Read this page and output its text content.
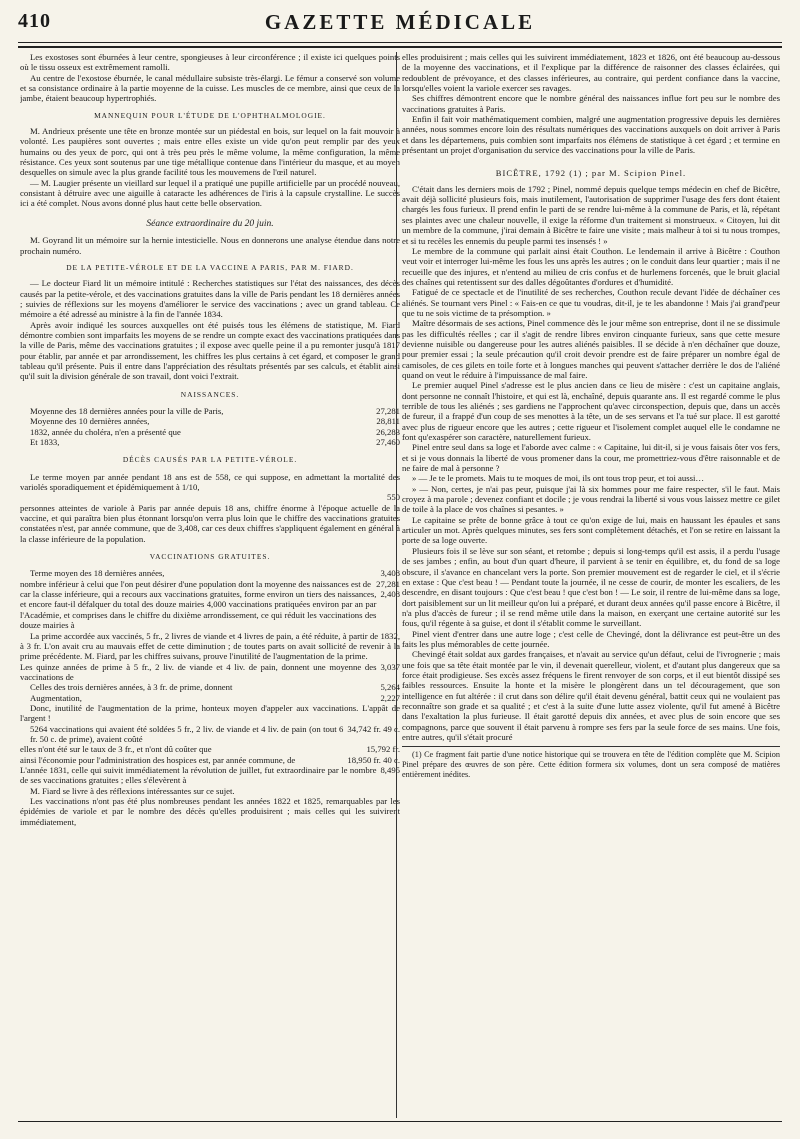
410	GAZETTE MÉDICALE

Les exostoses sont éburnées à leur centre, spongieuses à leur circonférence ; il existe ici quelques points où le tissu osseux est extrêmement ramolli.

Au centre de l'exostose éburnée, le canal médullaire subsiste très-élargi. Le fémur a conservé son volume et sa consistance ordinaire à la partie moyenne de la cuisse. Les muscles de ce membre, ainsi que ceux de la jambe, étaient beaucoup hypertrophiés.

MANNEQUIN POUR L'ÉTUDE DE L'OPHTHALMOLOGIE.

M. Andrieux présente une tête en bronze montée sur un piédestal en bois, sur lequel on la fait mouvoir à volonté. Les paupières sont ouvertes ; mais entre elles existe un vide qu'on peut remplir par des yeux humains ou des yeux de porc, qui ont à très peu près le même volume, la même configuration, la même résistance. Ces yeux sont soutenus par une tige métallique contenue dans l'intérieur du masque, et au moyen desquelles on simule avec la plus grande facilité tous les mouvemens de l'œil naturel.

— M. Laugier présente un vieillard sur lequel il a pratiqué une pupille artificielle par un procédé nouveau, consistant à détruire avec une aiguille à cataracte les adhérences de l'iris à la capsule crystalline. Le succès ici a été complet. Nous avons donné plus haut cette belle observation.

Séance extraordinaire du 20 juin.

M. Goyrand lit un mémoire sur la hernie intesticielle. Nous en donnerons une analyse étendue dans notre prochain numéro.

DE LA PETITE-VÉROLE ET DE LA VACCINE A PARIS, PAR M. FIARD.

— Le docteur Fiard lit un mémoire intitulé : Recherches statistiques sur l'état des naissances, des décès causés par la petite-vérole, et des vaccinations gratuites dans la ville de Paris pendant les 18 dernières années ; suivies de réflexions sur les moyens d'améliorer le service des vaccinations ; avec un grand tableau. Ce mémoire a été adressé au ministre à la fin de l'année 1834.

Après avoir indiqué les sources auxquelles ont été puisés tous les élémens de statistique, M. Fiard démontre combien sont imparfaits les moyens de se rendre un compte exact des vaccinations pratiquées dans la ville de Paris, même des vaccinations gratuites ; il expose avec quelle peine il a pu remonter jusqu'à 1817 pour établir, par année et par arrondissement, les chiffres les plus certains à cet égard, et composer le grand tableau qu'il présente. Puis il entre dans l'appréciation des résultats présentés par ses calculs, et établit ainsi qu'il suit la division générale de son travail, dont voici l'extrait.

NAISSANCES.

Moyenne des 18 dernières années pour la ville de Paris,	27,281
Moyenne des 10 dernières années,	28,811
1832, année du choléra, n'en a présenté que	26,283
Et 1833,	27,460

DÉCÈS CAUSÉS PAR LA PETITE-VÉROLE.

Le terme moyen par année pendant 18 ans est de 558, ce qui suppose, en admettant la mortalité des variolés sporadiquement et épidémiquement à 1/10,

550

personnes atteintes de variole à Paris par année depuis 18 ans, chiffre énorme à l'époque actuelle de la vaccine, et qui paraîtra bien plus étonnant lorsqu'on verra plus loin que le chiffre des vaccinations gratuites constatées n'est, par année commune, que de 3,408, car ces deux chiffres s'appliquent également en général à la classe inférieure de la population.

VACCINATIONS GRATUITES.

Terme moyen des 18 dernières années,	3,408
nombre inférieur à celui que l'on peut désirer d'une population dont la moyenne des naissances est de 27,281
car la classe inférieure, qui a recours aux vaccinations gratuites, forme environ un tiers des naissances, et encore faut-il défalquer du total des douze mairies 4,000 vaccinations pratiquées environ par an par l'Académie, et comprises dans le chiffre du dixième arrondissement, ce qui réduit les vaccinations des douze mairies à
2,408

La prime accordée aux vaccinés, 5 fr., 2 livres de viande et 4 livres de pain, a été réduite, à partir de 1832, à 3 fr. L'on avait cru au mauvais effet de cette diminution ; de toutes parts on avait sollicité de revenir à la prime précédente. M. Fiard, par les chiffres suivans, prouve l'inutilité de l'augmentation de la prime.

Les quinze années de prime à 5 fr., 2 liv. de viande et 4 liv. de pain, donnent une moyenne des vaccinations de
3,037
Celles des trois dernières années, à 3 fr. de prime, donnent	5,264
Augmentation,	2,227

Donc, inutilité de l'augmentation de la prime, honteux moyen d'appeler aux vaccinations. L'appât de l'argent !

5264 vaccinations qui avaient été soldées 5 fr., 2 liv. de viande et 4 liv. de pain (on tout 6 fr. 50 c. de prime), avaient coûté
34,742 fr. 49 c.
elles n'ont été sur le taux de 3 fr., et n'ont dû coûter que	15,792 fr.
ainsi l'économie pour l'administration des hospices est, par année commune, de	18,950 fr. 40 c.
L'année 1831, celle qui suivit immédiatement la révolution de juillet, fut extraordinaire par le nombre de ses vaccinations gratuites ; elles s'élevèrent à
8,495

M. Fiard se livre à des réflexions intéressantes sur ce sujet.

Les vaccinations n'ont pas été plus nombreuses pendant les années 1822 et 1825, remarquables par les épidémies de variole et par le nombre des décès qu'elles produisirent ; mais celles qui les suivirent immédiatement,

elles produisirent ; mais celles qui les suivirent immédiatement, 1823 et 1826, ont été beaucoup au-dessous de la moyenne des vaccinations, et il l'explique par la différence de raisonner des classes éclairées, qui redoublent de prévoyance, et des classes inférieures, au contraire, qui perdent confiance dans la vaccine, lorsqu'elles voient la variole exercer ses ravages.

Ses chiffres démontrent encore que le nombre général des naissances influe fort peu sur le nombre des vaccinations gratuites à Paris.

Enfin il fait voir mathématiquement combien, malgré une augmentation progressive depuis les dernières années, nous sommes encore loin des résultats numériques des vaccinations auxquels on doit arriver à Paris et dans les départemens, puis combien sont imparfaits nos élémens de statistique à cet égard ; et termine en présentant un projet d'organisation du service des vaccinations pour la ville de Paris.

BICÊTRE, 1792 (1) ; par M. Scipion Pinel.

C'était dans les derniers mois de 1792 ; Pinel, nommé depuis quelque temps médecin en chef de Bicêtre, avait déjà sollicité plusieurs fois, mais inutilement, l'autorisation de supprimer l'usage des fers dont étaient chargés les fous furieux. Il prend enfin le parti de se rendre lui-même à la commune de Paris, et là, répétant ses plaintes avec une chaleur nouvelle, il exige la réforme d'un traitement si monstrueux. « Citoyen, lui dit un membre de la commune, j'irai demain à Bicêtre te faire une visite ; mais malheur à toi si tu nous trompes, et si tu recèles les ennemis du peuple parmi tes insensés ! »

Le membre de la commune qui parlait ainsi était Couthon. Le lendemain il arrive à Bicêtre : Couthon veut voir et interroger lui-même les fous les uns après les autres ; on le conduit dans leur quartier ; mais il ne recueille que des injures, et n'entend au milieu de cris confus et de hurlemens forcenés, que le bruit glacial des chaînes qui retentissent sur des dalles dégoûtantes d'ordures et d'humidité.

Fatigué de ce spectacle et de l'inutilité de ses recherches, Couthon recule devant l'idée de déchaîner ces aliénés. Se tournant vers Pinel : « Fais-en ce que tu voudras, dit-il, je te les abandonne ! Mais j'ai grand'peur que tu ne sois victime de ta présomption. »

Maître désormais de ses actions, Pinel commence dès le jour même son entreprise, dont il ne se dissimule pas les difficultés réelles ; car il s'agit de rendre libres environ cinquante furieux, sans que cette mesure devienne nuisible ou dangereuse pour les autres aliénés paisibles. Il se décide à n'en déchaîner que douze, pour premier essai ; la seule précaution qu'il croit devoir prendre est de faire préparer un nombre égal de camisoles, de ces gilets en toile forte et à longues manches qui peuvent s'attacher derrière le dos de l'aliéné quand on veut le réduire à l'impuissance de mal faire.

Le premier auquel Pinel s'adresse est le plus ancien dans ce lieu de misère : c'est un capitaine anglais, dont personne ne connaît l'histoire, et qui est là, enchaîné, depuis quarante ans. Il est regardé comme le plus terrible de tous les aliénés ; ses gardiens ne l'approchent qu'avec circonspection, depuis que, dans un accès de fureur, il a frappé d'un coup de ses menottes à la tête, un de ses servans et l'a tué sur place. Il est garotté avec plus de rigueur encore que les autres ; cette rigueur et l'isolement complet auquel elle le condamne ne font qu'exaspérer son caractère, naturellement furieux.

Pinel entre seul dans sa loge et l'aborde avec calme : « Capitaine, lui dit-il, si je vous faisais ôter vos fers, et si je vous donnais la liberté de vous promener dans la cour, me promettriez-vous d'être raisonnable et de ne faire de mal à personne ?

» — Je te le promets. Mais tu te moques de moi, ils ont tous trop peur, et toi aussi…

» — Non, certes, je n'ai pas peur, puisque j'ai là six hommes pour me faire respecter, s'il le faut. Mais croyez à ma parole ; devenez confiant et docile ; je vous rendrai la liberté si vous vous laissez mettre ce gilet de toile à la place de vos chaînes si pesantes. »

Le capitaine se prête de bonne grâce à tout ce qu'on exige de lui, mais en haussant les épaules et sans articuler un mot. Après quelques minutes, ses fers sont complètement détachés, et l'on se retire en laissant la porte de sa loge ouverte.

Plusieurs fois il se lève sur son séant, et retombe ; depuis si long-temps qu'il est assis, il a perdu l'usage de ses jambes ; enfin, au bout d'un quart d'heure, il parvient à se tenir en équilibre, et, du fond de sa loge obscure, il s'avance en chancelant vers la porte. Son premier mouvement est de regarder le ciel, et il s'écrie en extase : Que c'est beau ! — Pendant toute la journée, il ne cesse de courir, de monter les escaliers, de les descendre, en disant toujours : Que c'est beau ! que c'est bon ! — Le soir, il rentre de lui-même dans sa loge, dort paisiblement sur un lit meilleur qu'on lui a préparé, et durant deux années qu'il passe encore à Bicêtre, il n'a plus d'accès de fureur ; il se rend même utile dans la maison, en exerçant une certaine autorité sur les fous, qu'il régente à sa guise, et dont il s'établit comme le surveillant.

Pinel vient d'entrer dans une autre loge ; c'est celle de Chevingé, dont la délivrance est peut-être un des faits les plus mémorables de cette journée.

Chevingé était soldat aux gardes françaises, et n'avait au service qu'un défaut, celui de l'ivrognerie ; mais une fois que sa tête était montée par le vin, il devenait querelleur, violent, et d'autant plus dangereux que sa force était prodigieuse. Ses excès assez fréquens le firent renvoyer de son corps, et il eut bientôt dissipé ses faibles ressources. Ensuite la honte et la misère le plongèrent dans un tel découragement, que son intelligence en fut altérée : il crut dans son délire qu'il était devenu général, battit ceux qui ne voulaient pas reconnaître son grade et sa qualité ; et c'est à la suite d'une lutte assez violente, qu'il fut amené à Bicêtre dans l'exaltation la plus furieuse. Il était garotté depuis dix années, et avec plus de soin encore que ses compagnons, parce que souvent il était parvenu à rompre ses fers par la seule force de ses mains. Une fois, entre autres, qu'il s'était procuré

(1) Ce fragment fait partie d'une notice historique qui se trouvera en tête de l'édition complète que M. Scipion Pinel prépare des œuvres de son père. Cette édition formera six volumes, dont un sera composé de matières entièrement inédites.
